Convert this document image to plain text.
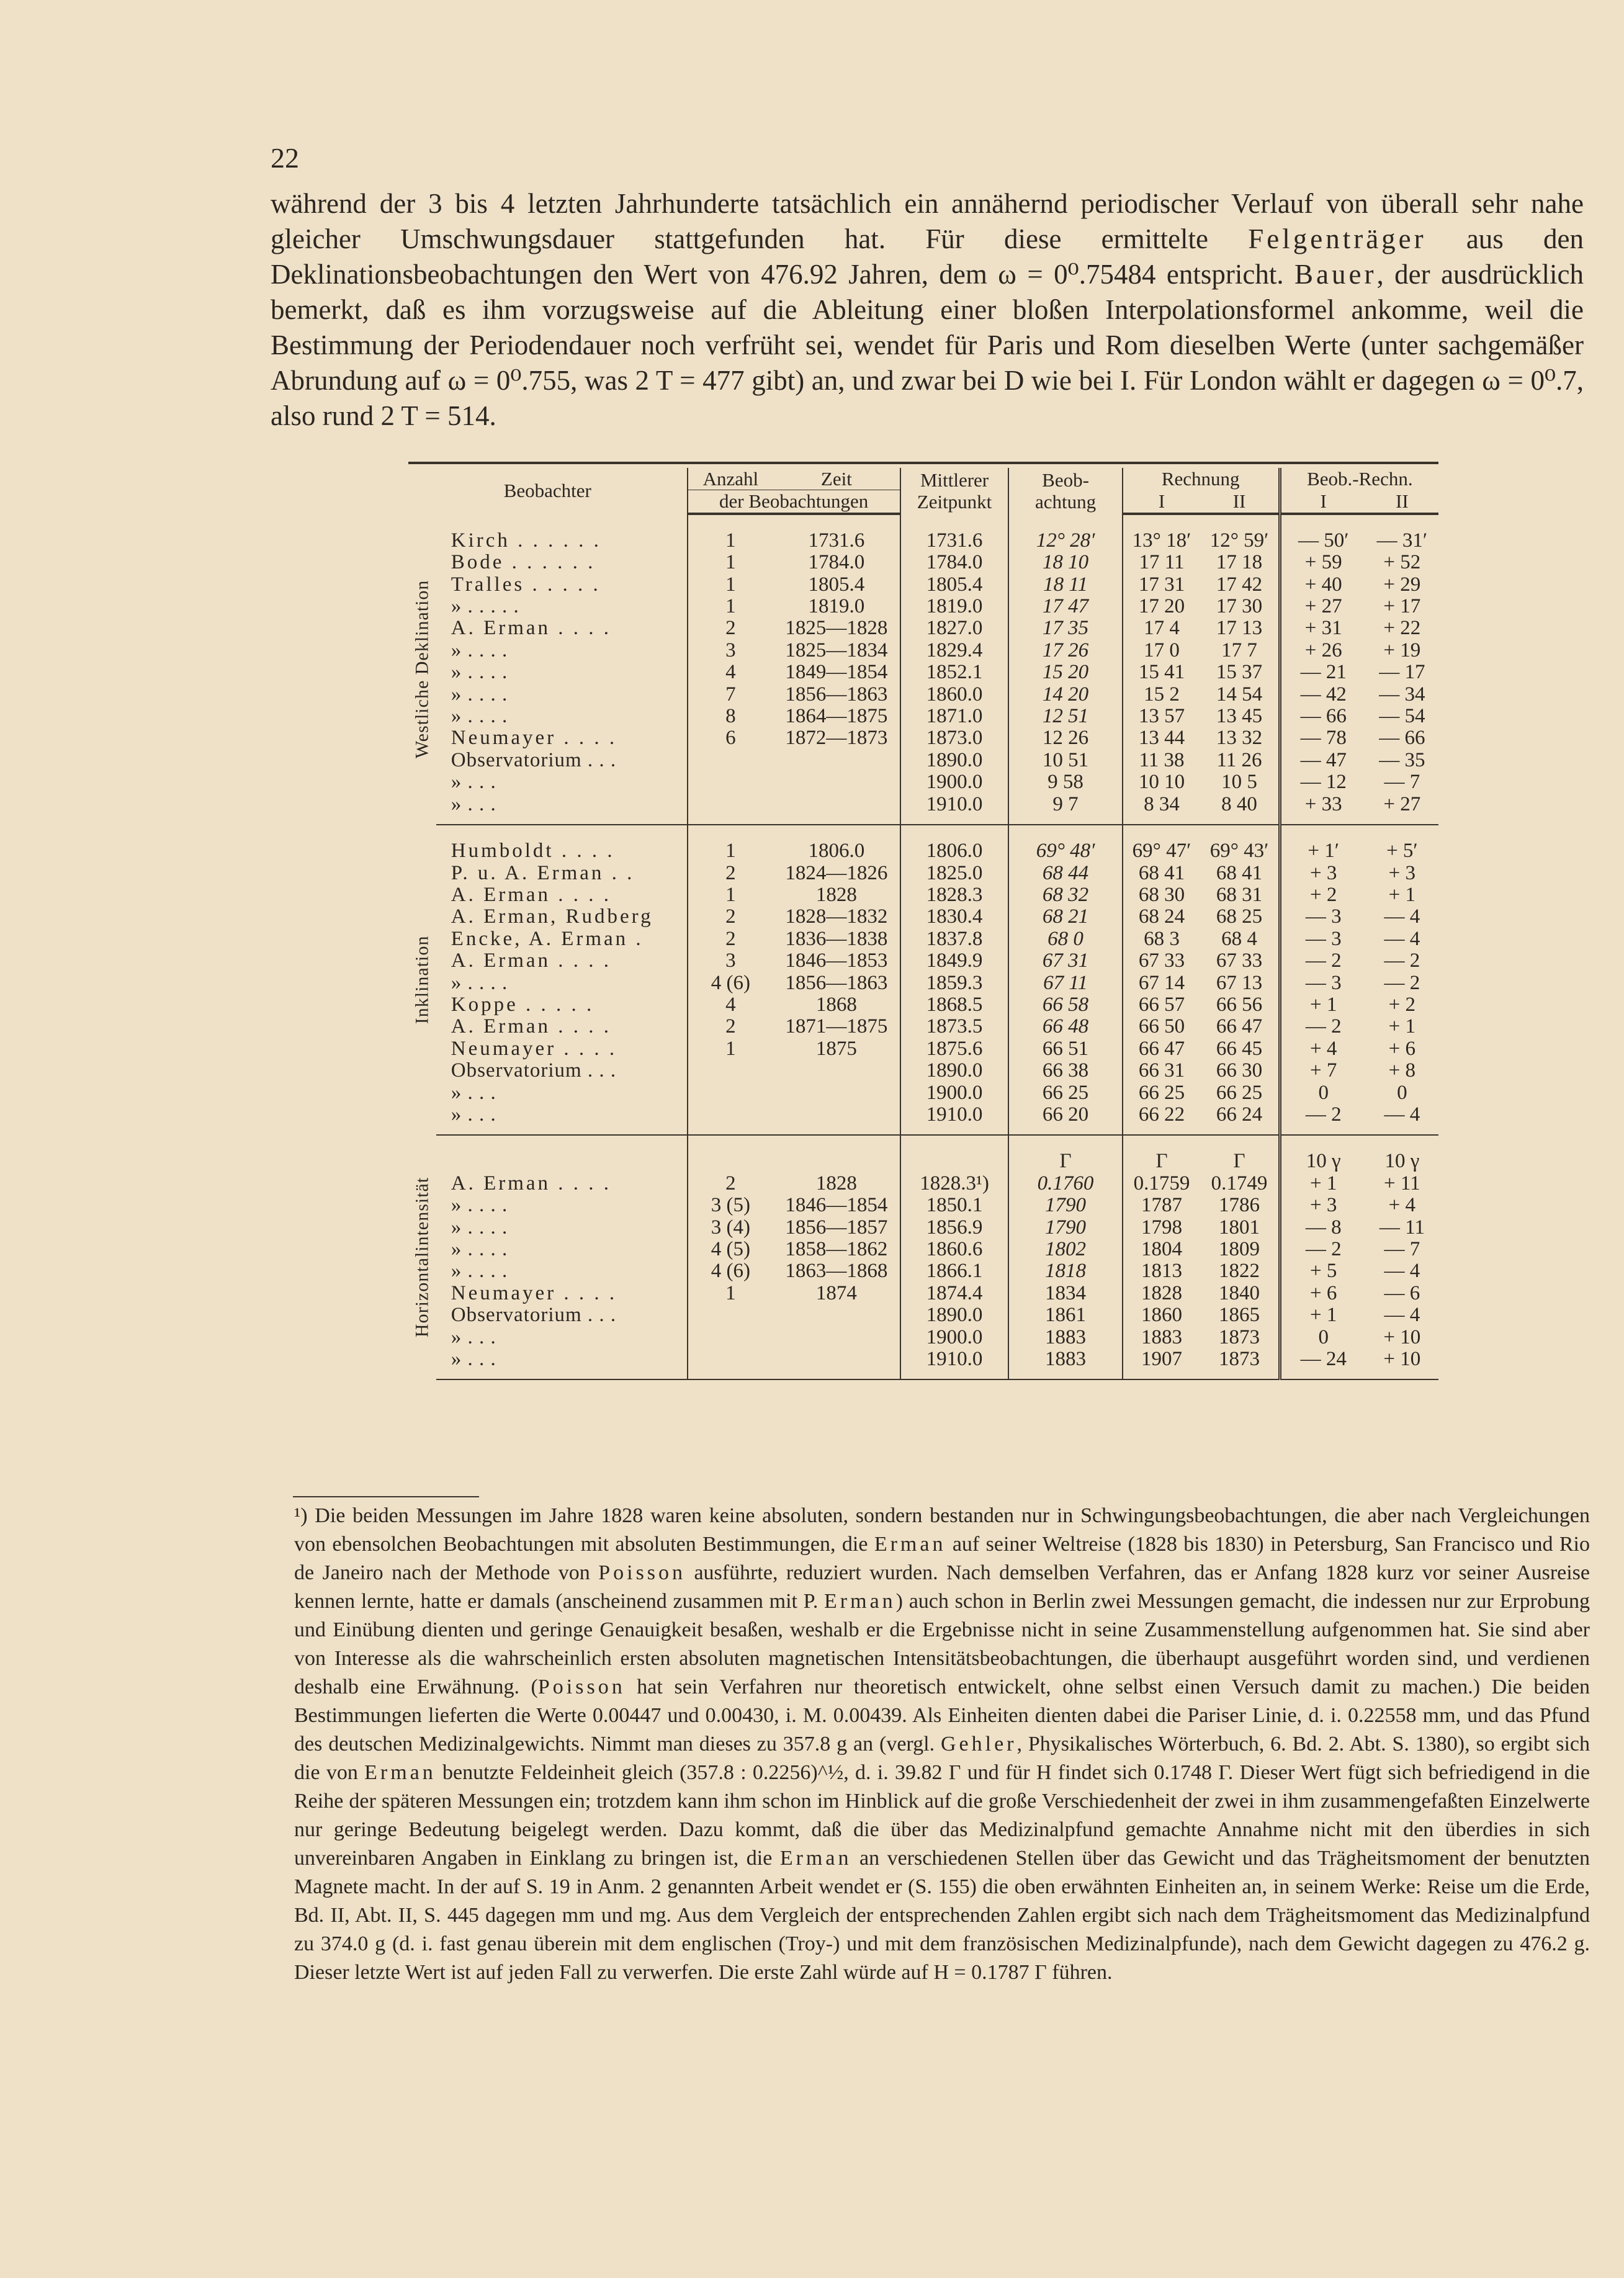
22

während der 3 bis 4 letzten Jahrhunderte tatsächlich ein annähernd periodischer Verlauf von überall sehr nahe gleicher Umschwungsdauer stattgefunden hat. Für diese ermittelte Felgenträger aus den Deklinationsbeobachtungen den Wert von 476.92 Jahren, dem ω = 0⁰.75484 entspricht. Bauer, der ausdrücklich bemerkt, daß es ihm vorzugsweise auf die Ableitung einer bloßen Interpolationsformel ankomme, weil die Bestimmung der Periodendauer noch verfrüht sei, wendet für Paris und Rom dieselben Werte (unter sachgemäßer Abrundung auf ω = 0⁰.755, was 2 T = 477 gibt) an, und zwar bei D wie bei I. Für London wählt er dagegen ω = 0⁰.7, also rund 2 T = 514.

Beobachter		Anzahl	Zeit	Mittlerer Zeitpunkt	Beob- achtung	Rechnung		Beob.-Rechn.	
		der Beobachtungen				I	II	I	II
Westliche Deklination									
	Kirch . . . . . .	1	1731.6	1731.6	12° 28′	13° 18′	12° 59′	— 50′	— 31′
	Bode . . . . . .	1	1784.0	1784.0	18 10	17 11	17 18	+ 59	+ 52
	Tralles . . . . .	1	1805.4	1805.4	18 11	17 31	17 42	+ 40	+ 29
	» . . . . .	1	1819.0	1819.0	17 47	17 20	17 30	+ 27	+ 17
	A. Erman . . . .	2	1825—1828	1827.0	17 35	17 4	17 13	+ 31	+ 22
	» . . . .	3	1825—1834	1829.4	17 26	17 0	17 7	+ 26	+ 19
	» . . . .	4	1849—1854	1852.1	15 20	15 41	15 37	— 21	— 17
	» . . . .	7	1856—1863	1860.0	14 20	15 2	14 54	— 42	— 34
	» . . . .	8	1864—1875	1871.0	12 51	13 57	13 45	— 66	— 54
	Neumayer . . . .	6	1872—1873	1873.0	12 26	13 44	13 32	— 78	— 66
	Observatorium . . .			1890.0	10 51	11 38	11 26	— 47	— 35
	» . . .			1900.0	9 58	10 10	10 5	— 12	— 7
	» . . .			1910.0	9 7	8 34	8 40	+ 33	+ 27

Inklination									
	Humboldt . . . .	1	1806.0	1806.0	69° 48′	69° 47′	69° 43′	+ 1′	+ 5′
	P. u. A. Erman . .	2	1824—1826	1825.0	68 44	68 41	68 41	+ 3	+ 3
	A. Erman . . . .	1	1828	1828.3	68 32	68 30	68 31	+ 2	+ 1
	A. Erman, Rudberg	2	1828—1832	1830.4	68 21	68 24	68 25	— 3	— 4
	Encke, A. Erman .	2	1836—1838	1837.8	68 0	68 3	68 4	— 3	— 4
	A. Erman . . . .	3	1846—1853	1849.9	67 31	67 33	67 33	— 2	— 2
	» . . . .	4 (6)	1856—1863	1859.3	67 11	67 14	67 13	— 3	— 2
	Koppe . . . . .	4	1868	1868.5	66 58	66 57	66 56	+ 1	+ 2
	A. Erman . . . .	2	1871—1875	1873.5	66 48	66 50	66 47	— 2	+ 1
	Neumayer . . . .	1	1875	1875.6	66 51	66 47	66 45	+ 4	+ 6
	Observatorium . . .			1890.0	66 38	66 31	66 30	+ 7	+ 8
	» . . .			1900.0	66 25	66 25	66 25	0	0
	» . . .			1910.0	66 20	66 22	66 24	— 2	— 4

Horizontalintensität									
					Γ	Γ	Γ	10 γ	10 γ
	A. Erman . . . .	2	1828	1828.3¹)	0.1760	0.1759	0.1749	+ 1	+ 11
	» . . . .	3 (5)	1846—1854	1850.1	1790	1787	1786	+ 3	+ 4
	» . . . .	3 (4)	1856—1857	1856.9	1790	1798	1801	— 8	— 11
	» . . . .	4 (5)	1858—1862	1860.6	1802	1804	1809	— 2	— 7
	» . . . .	4 (6)	1863—1868	1866.1	1818	1813	1822	+ 5	— 4
	Neumayer . . . .	1	1874	1874.4	1834	1828	1840	+ 6	— 6
	Observatorium . . .			1890.0	1861	1860	1865	+ 1	— 4
	» . . .			1900.0	1883	1883	1873	0	+ 10
	» . . .			1910.0	1883	1907	1873	— 24	+ 10

¹) Die beiden Messungen im Jahre 1828 waren keine absoluten, sondern bestanden nur in Schwingungsbeobachtungen, die aber nach Vergleichungen von ebensolchen Beobachtungen mit absoluten Bestimmungen, die Erman auf seiner Weltreise (1828 bis 1830) in Petersburg, San Francisco und Rio de Janeiro nach der Methode von Poisson ausführte, reduziert wurden. Nach demselben Verfahren, das er Anfang 1828 kurz vor seiner Ausreise kennen lernte, hatte er damals (anscheinend zusammen mit P. Erman) auch schon in Berlin zwei Messungen gemacht, die indessen nur zur Erprobung und Einübung dienten und geringe Genauigkeit besaßen, weshalb er die Ergebnisse nicht in seine Zusammenstellung aufgenommen hat. Sie sind aber von Interesse als die wahrscheinlich ersten absoluten magnetischen Intensitätsbeobachtungen, die überhaupt ausgeführt worden sind, und verdienen deshalb eine Erwähnung. (Poisson hat sein Verfahren nur theoretisch entwickelt, ohne selbst einen Versuch damit zu machen.) Die beiden Bestimmungen lieferten die Werte 0.00447 und 0.00430, i. M. 0.00439. Als Einheiten dienten dabei die Pariser Linie, d. i. 0.22558 mm, und das Pfund des deutschen Medizinalgewichts. Nimmt man dieses zu 357.8 g an (vergl. Gehler, Physikalisches Wörterbuch, 6. Bd. 2. Abt. S. 1380), so ergibt sich die von Erman benutzte Feldeinheit gleich (357.8 : 0.2256)^½, d. i. 39.82 Γ und für H findet sich 0.1748 Γ. Dieser Wert fügt sich befriedigend in die Reihe der späteren Messungen ein; trotzdem kann ihm schon im Hinblick auf die große Verschiedenheit der zwei in ihm zusammengefaßten Einzelwerte nur geringe Bedeutung beigelegt werden. Dazu kommt, daß die über das Medizinalpfund gemachte Annahme nicht mit den überdies in sich unvereinbaren Angaben in Einklang zu bringen ist, die Erman an verschiedenen Stellen über das Gewicht und das Trägheitsmoment der benutzten Magnete macht. In der auf S. 19 in Anm. 2 genannten Arbeit wendet er (S. 155) die oben erwähnten Einheiten an, in seinem Werke: Reise um die Erde, Bd. II, Abt. II, S. 445 dagegen mm und mg. Aus dem Vergleich der entsprechenden Zahlen ergibt sich nach dem Trägheitsmoment das Medizinalpfund zu 374.0 g (d. i. fast genau überein mit dem englischen (Troy-) und mit dem französischen Medizinalpfunde), nach dem Gewicht dagegen zu 476.2 g. Dieser letzte Wert ist auf jeden Fall zu verwerfen. Die erste Zahl würde auf H = 0.1787 Γ führen.
